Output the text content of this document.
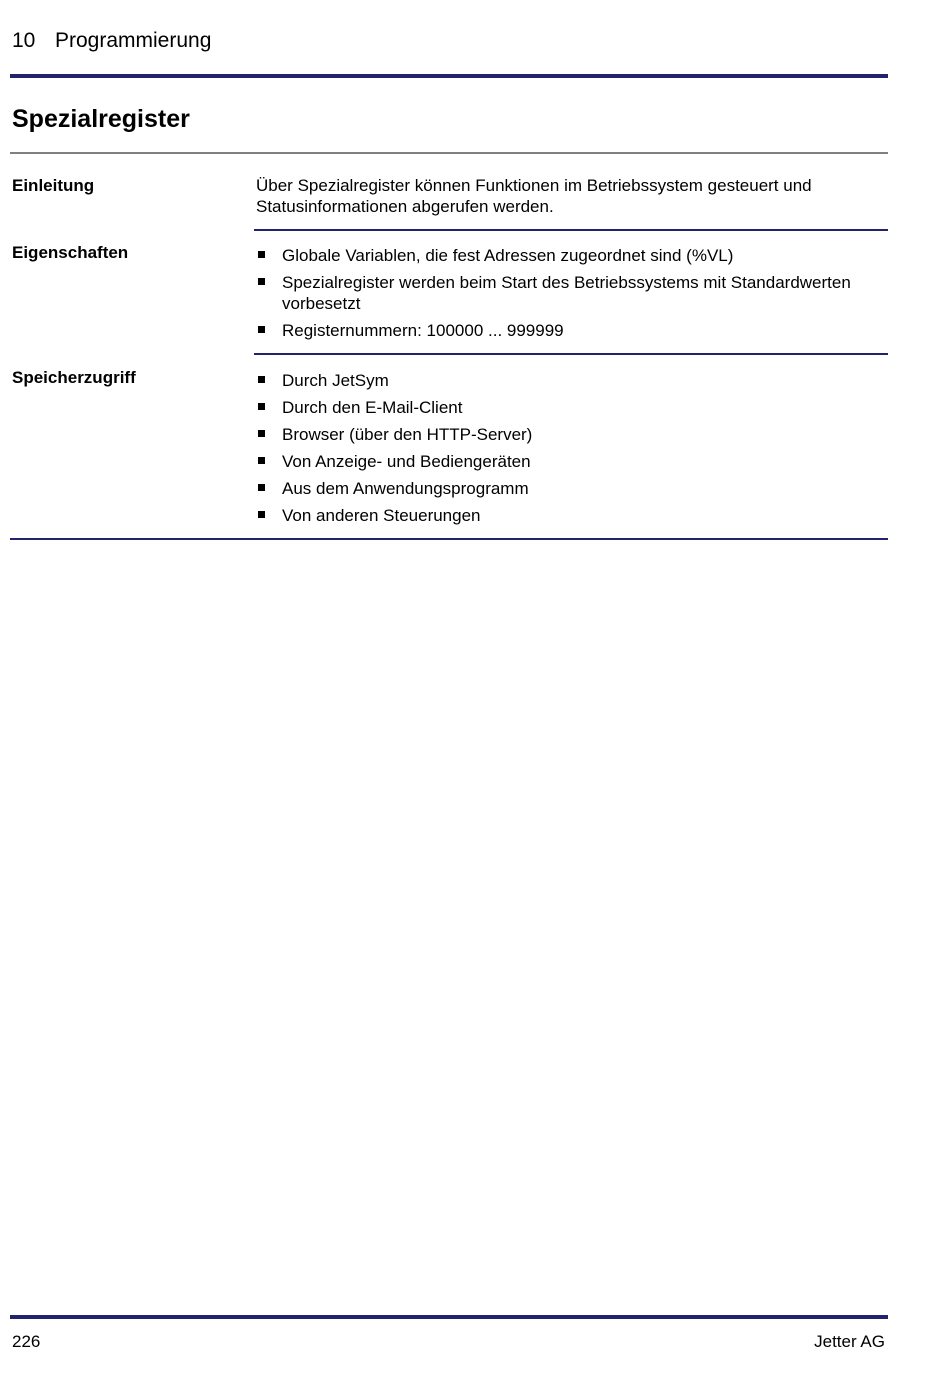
10 Programmierung
Spezialregister
Einleitung	Über Spezialregister können Funktionen im Betriebssystem gesteuert und Statusinformationen abgerufen werden.
Eigenschaften	Globale Variablen, die fest Adressen zugeordnet sind (%VL)
Spezialregister werden beim Start des Betriebssystems mit Standardwerten vorbesetzt
Registernummern: 100000 ... 999999
Speicherzugriff	Durch JetSym
Durch den E-Mail-Client
Browser (über den HTTP-Server)
Von Anzeige- und Bediengeräten
Aus dem Anwendungsprogramm
Von anderen Steuerungen
226	Jetter AG
